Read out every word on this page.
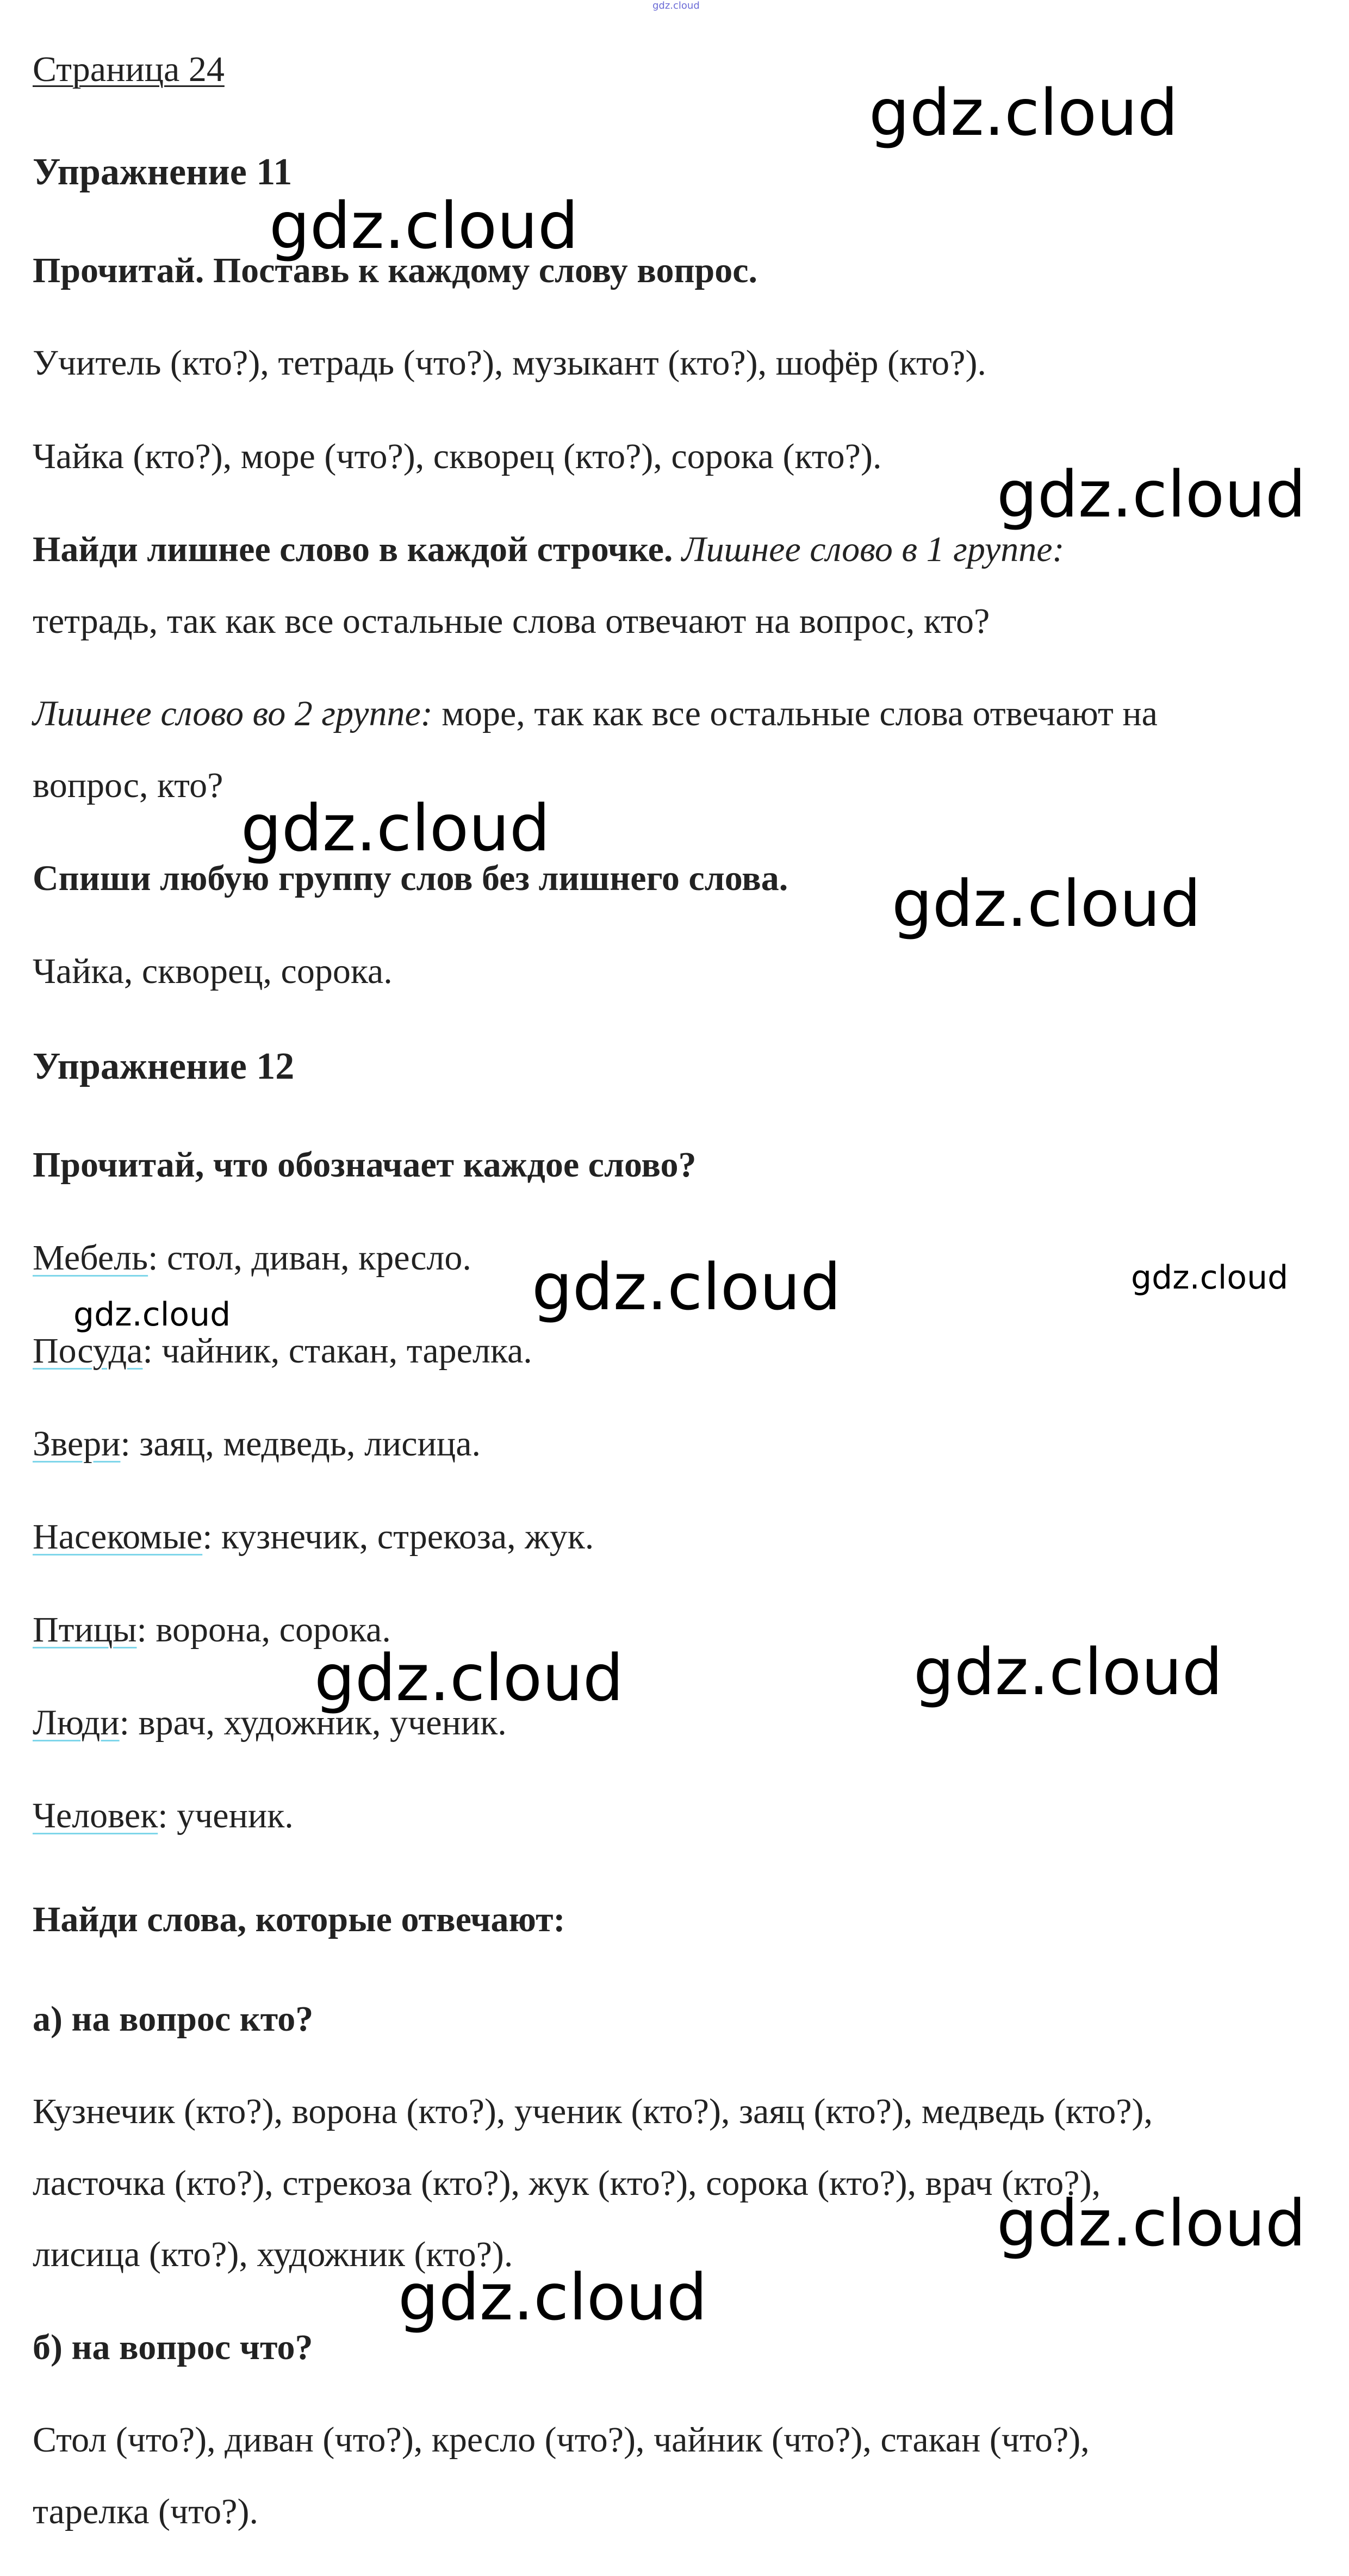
gdz.cloud
Страница 24
Упражнение 11
Прочитай. Поставь к каждому слову вопрос.
Учитель (кто?), тетрадь (что?), музыкант (кто?), шофёр (кто?).
Чайка (кто?), море (что?), скворец (кто?), сорока (кто?).
Найди лишнее слово в каждой строчке. Лишнее слово в 1 группе:
тетрадь, так как все остальные слова отвечают на вопрос, кто?
Лишнее слово во 2 группе: море, так как все остальные слова отвечают на
вопрос, кто?
Спиши любую группу слов без лишнего слова.
Чайка, скворец, сорока.
Упражнение 12
Прочитай, что обозначает каждое слово?
Мебель: стол, диван, кресло.
Посуда: чайник, стакан, тарелка.
Звери: заяц, медведь, лисица.
Насекомые: кузнечик, стрекоза, жук.
Птицы: ворона, сорока.
Люди: врач, художник, ученик.
Человек: ученик.
Найди слова, которые отвечают:
а) на вопрос кто?
Кузнечик (кто?), ворона (кто?), ученик (кто?), заяц (кто?), медведь (кто?),
ласточка (кто?), стрекоза (кто?), жук (кто?), сорока (кто?), врач (кто?),
лисица (кто?), художник (кто?).
б) на вопрос что?
Стол (что?), диван (что?), кресло (что?), чайник (что?), стакан (что?),
тарелка (что?).
gdz.cloud
gdz.cloud
gdz.cloud
gdz.cloud
gdz.cloud
gdz.cloud	gdz.cloud
gdz.cloud
gdz.cloud
gdz.cloud
gdz.cloud
gdz.cloud
